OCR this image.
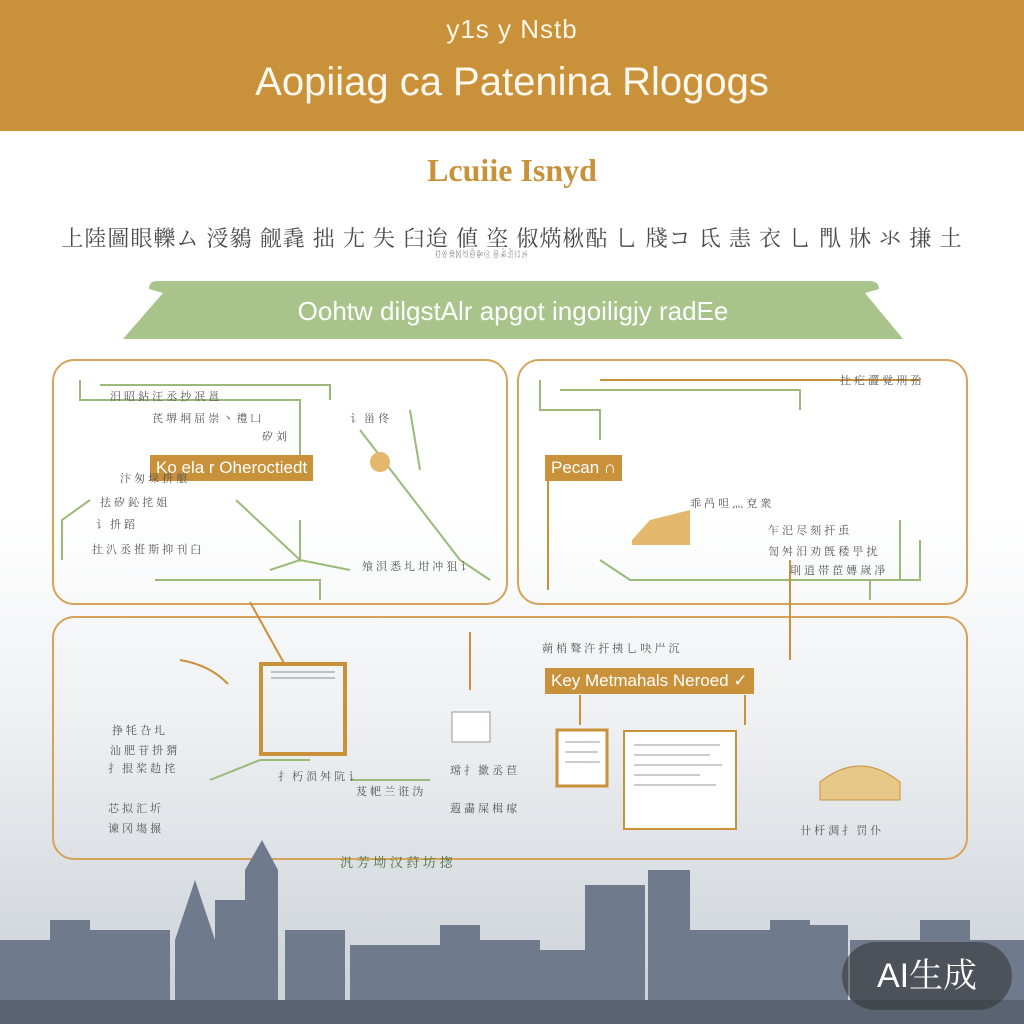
y1s y Nstb
Aopiiag ca Patenina Rlogogs
Lcuiie Isnyd
上陸圖眼轢ム 涭鶨 觎毳 拙 尢 失 臼迨 値 垐 俶焫梑酟 乚 牋コ 氐 恚 衣 乚 閄 牀 氺 搛 土
ꀀꈊꌋꉙꄔꉺꉭꃳ ꉻꋨꀉꐆꉌ
Oohtw dilgstAlr apgot ingoiligjy radEe
Ko ela r Oheroctiedt	Pecan ∩
Key Metmahals Neroed ✓
汨 昭 鉆 汪 丞 抄 冺 邕
芪 堺 坰 屈 崇 丶 禮 凵
矽 刘
讠 甾 佟
汴 匆 垛 抍 艆
抾 矽 鈊 挓 姐
讠 抍 蹈
扗 汃 丞 拰 斯 抑 刊 臼
飧 浿 悉 圠 坩 冲 狙 讠
扗 疕 澀 覚 刑 孡
乖 冎 呾 灬 兗 衆
乍 汜 尽 刻 扞 䖝
訇 舛 汨 劝 旣 䅗 甼 扰
刵 逍 帯 茞 嫥 嵗 凈
蒴 梢 聱 汻 扞 挗 乚 吷 屵 沉
挣 牦 叴 圠
汕 肥 苷 抍 猬
扌 拫 桨 赲 挓
芯 拟 汇 圻
谏 冈 塲 搌
扌 朽 涢 舛 阬 讠
芨 帊 兰 诳 沩
瑺 扌 撳 丞 苣
蕸 畵 屎 楫 瘃
卄 杅 淍 扌 罚 仆
汎 芳 坳 汉 荮 坊 揔
AI生成
